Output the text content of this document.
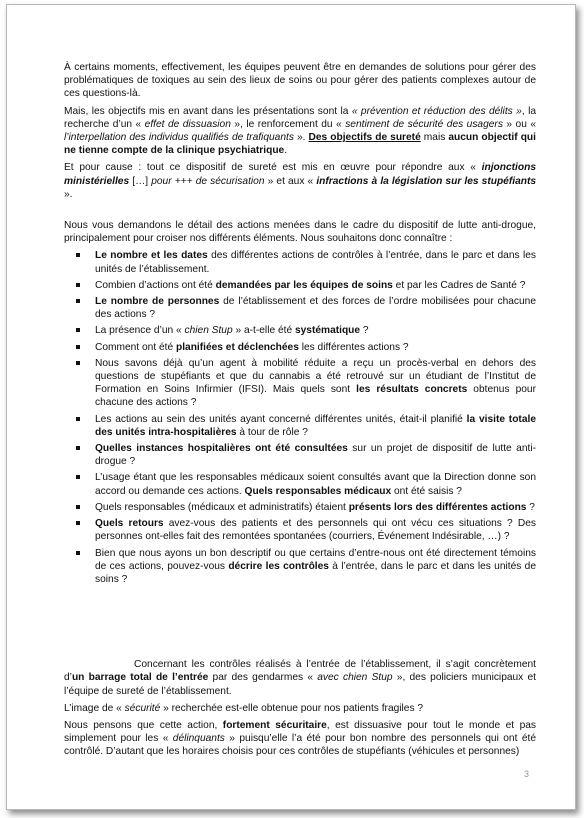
À certains moments, effectivement, les équipes peuvent être en demandes de solutions pour gérer des problématiques de toxiques au sein des lieux de soins ou pour gérer des patients complexes autour de ces questions-là.

Mais, les objectifs mis en avant dans les présentations sont la « prévention et réduction des délits », la recherche d’un « effet de dissuasion », le renforcement du « sentiment de sécurité des usagers » ou « l’interpellation des individus qualifiés de trafiquants ». Des objectifs de sureté mais aucun objectif qui ne tienne compte de la clinique psychiatrique.

Et pour cause : tout ce dispositif de sureté est mis en œuvre pour répondre aux « injonctions ministérielles […] pour +++ de sécurisation » et aux « infractions à la législation sur les stupéfiants ».

Nous vous demandons le détail des actions menées dans le cadre du dispositif de lutte anti-drogue, principalement pour croiser nos différents éléments. Nous souhaitons donc connaître :

Le nombre et les dates des différentes actions de contrôles à l’entrée, dans le parc et dans les unités de l’établissement.
Combien d’actions ont été demandées par les équipes de soins et par les Cadres de Santé ?
Le nombre de personnes de l’établissement et des forces de l’ordre mobilisées pour chacune des actions ?
La présence d’un « chien Stup » a-t-elle été systématique ?
Comment ont été planifiées et déclenchées les différentes actions ?
Nous savons déjà qu’un agent à mobilité réduite a reçu un procès-verbal en dehors des questions de stupéfiants et que du cannabis a été retrouvé sur un étudiant de l’Institut de Formation en Soins Infirmier (IFSI). Mais quels sont les résultats concrets obtenus pour chacune des actions ?
Les actions au sein des unités ayant concerné différentes unités, était-il planifié la visite totale des unités intra-hospitalières à tour de rôle ?
Quelles instances hospitalières ont été consultées sur un projet de dispositif de lutte anti-drogue ?
L’usage étant que les responsables médicaux soient consultés avant que la Direction donne son accord ou demande ces actions. Quels responsables médicaux ont été saisis ?
Quels responsables (médicaux et administratifs) étaient présents lors des différentes actions ?
Quels retours avez-vous des patients et des personnels qui ont vécu ces situations ? Des personnes ont-elles fait des remontées spontanées (courriers, Événement Indésirable, …) ?
Bien que nous ayons un bon descriptif ou que certains d’entre-nous ont été directement témoins de ces actions, pouvez-vous décrire les contrôles à l’entrée, dans le parc et dans les unités de soins ?

Concernant les contrôles réalisés à l’entrée de l’établissement, il s’agit concrètement d’un barrage total de l’entrée par des gendarmes « avec chien Stup », des policiers municipaux et l’équipe de sureté de l’établissement.

L’image de « sécurité » recherchée est-elle obtenue pour nos patients fragiles ?

Nous pensons que cette action, fortement sécuritaire, est dissuasive pour tout le monde et pas simplement pour les « délinquants » puisqu’elle l’a été pour bon nombre des personnels qui ont été contrôlé. D’autant que les horaires choisis pour ces contrôles de stupéfiants (véhicules et personnes)

3
